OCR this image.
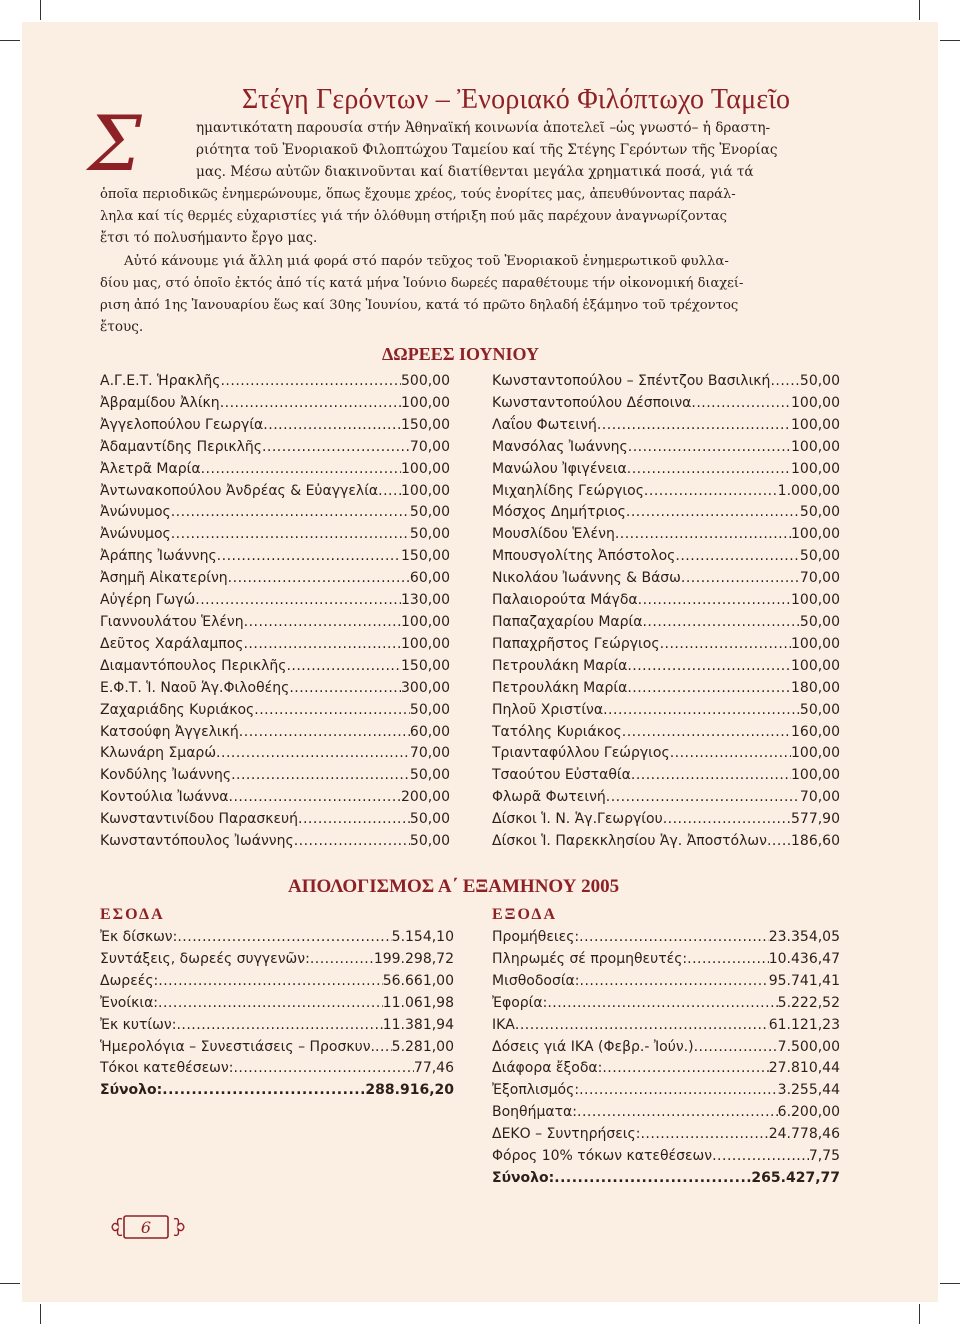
Στέγη Γερόντων – Ἐνοριακό Φιλόπτωχο Ταμεῖο
Σ	ημαντικότατη παρουσία στήν Ἀθηναϊκή κοινωνία ἀποτελεῖ –ὡς γνωστό– ἡ δραστη-
ριότητα τοῦ Ἐνοριακοῦ Φιλοπτώχου Ταμείου καί τῆς Στέγης Γερόντων τῆς Ἐνορίας
μας. Μέσω αὐτῶν διακινοῦνται καί διατίθενται μεγάλα χρηματικά ποσά, γιά τά
ὁποῖα περιοδικῶς ἐνημερώνουμε, ὅπως ἔχουμε χρέος, τούς ἐνορίτες μας, ἀπευθύνοντας παράλ-
ληλα καί τίς θερμές εὐχαριστίες γιά τήν ὁλόθυμη στήριξη πού μᾶς παρέχουν ἀναγνωρίζοντας
ἔτσι τό πολυσήμαντο ἔργο μας.
Αὐτό κάνουμε γιά ἄλλη μιά φορά στό παρόν τεῦχος τοῦ Ἐνοριακοῦ ἐνημερωτικοῦ φυλλα-
δίου μας, στό ὁποῖο ἐκτός ἀπό τίς κατά μήνα Ἰούνιο δωρεές παραθέτουμε τήν οἰκονομική διαχεί-
ριση ἀπό 1ης Ἰανουαρίου ἕως καί 30ης Ἰουνίου, κατά τό πρῶτο δηλαδή ἑξάμηνο τοῦ τρέχοντος
ἔτους.
ΔΩΡΕΕΣ ΙΟΥΝΙΟΥ
Α.Γ.Ε.Τ. Ἡρακλῆς .....	500,00
Ἀβραμίδου Ἀλίκη .....	100,00
Ἀγγελοπούλου Γεωργία .....	150,00
Ἀδαμαντίδης Περικλῆς .....	70,00
Ἀλετρᾶ Μαρία .....	100,00
Ἀντωνακοπούλου Ἀνδρέας & Εὐαγγελία ..... 100,00
Ἀνώνυμος .....	50,00
Ἀνώνυμος .....	50,00
Ἀράπης Ἰωάννης .....	150,00
Ἀσημῆ Αἰκατερίνη .....	60,00
Αὐγέρη Γωγώ .....	130,00
Γιαννουλάτου Ἑλένη .....	100,00
Δεῦτος Χαράλαμπος .....	100,00
Διαμαντόπουλος Περικλῆς .....	150,00
Ε.Φ.Τ. Ἱ. Ναοῦ Ἁγ.Φιλοθέης .....	300,00
Ζαχαριάδης Κυριάκος .....	50,00
Κατσούφη Ἀγγελική .....	60,00
Κλωνάρη Σμαρώ .....	70,00
Κονδύλης Ἰωάννης .....	50,00
Κοντούλια Ἰωάννα .....	200,00
Κωνσταντινίδου Παρασκευή .....	50,00
Κωνσταντόπουλος Ἰωάννης .....	50,00
Κωνσταντοπούλου – Σπέντζου Βασιλική ..... 50,00
Κωνσταντοπούλου Δέσποινα .....	100,00
Λαΐου Φωτεινή .....	100,00
Μανσόλας Ἰωάννης .....	100,00
Μανώλου Ἰφιγένεια .....	100,00
Μιχαηλίδης Γεώργιος .....	1.000,00
Μόσχος Δημήτριος .....	50,00
Μουσλίδου Ἑλένη .....	100,00
Μπουσγολίτης Ἀπόστολος .....	50,00
Νικολάου Ἰωάννης & Βάσω .....	70,00
Παλαιορούτα Μάγδα .....	100,00
Παπαζαχαρίου Μαρία .....	50,00
Παπαχρῆστος Γεώργιος .....	100,00
Πετρουλάκη Μαρία .....	100,00
Πετρουλάκη Μαρία .....	180,00
Πηλοῦ Χριστίνα .....	50,00
Τατόλης Κυριάκος .....	160,00
Τριανταφύλλου Γεώργιος .....	100,00
Τσαούτου Εὐσταθία .....	100,00
Φλωρᾶ Φωτεινή .....	70,00
Δίσκοι Ἱ. Ν. Ἁγ.Γεωργίου .....	577,90
Δίσκοι Ἱ. Παρεκκλησίου Ἁγ. Ἀποστόλων ..... 186,60
ΑΠΟΛΟΓΙΣΜΟΣ Α΄ ΕΞΑΜΗΝΟΥ 2005
ΕΣΟΔΑ	ΕΞΟΔΑ
Ἐκ δίσκων: .....	5.154,10
Συντάξεις, δωρεές συγγενῶν: .....	199.298,72
Δωρεές: .....	56.661,00
Ἐνοίκια: .....	11.061,98
Ἐκ κυτίων: .....	11.381,94
Ἡμερολόγια – Συνεστιάσεις – Προσκυν. ..... 5.281,00
Τόκοι κατεθέσεων: .....	77,46
Σύνολο: .....	288.916,20
Προμήθειες: .....	23.354,05
Πληρωμές σέ προμηθευτές: .....	10.436,47
Μισθοδοσία: .....	95.741,41
Ἐφορία: .....	5.222,52
ΙΚΑ .....	61.121,23
Δόσεις γιά ΙΚΑ (Φεβρ.- Ἰούν.) .....	7.500,00
Διάφορα ἔξοδα: .....	27.810,44
Ἐξοπλισμός: .....	3.255,44
Βοηθήματα: .....	6.200,00
ΔΕΚΟ – Συντηρήσεις: .....	24.778,46
Φόρος 10% τόκων κατεθέσεων .....	7,75
Σύνολο: .....	265.427,77
6
